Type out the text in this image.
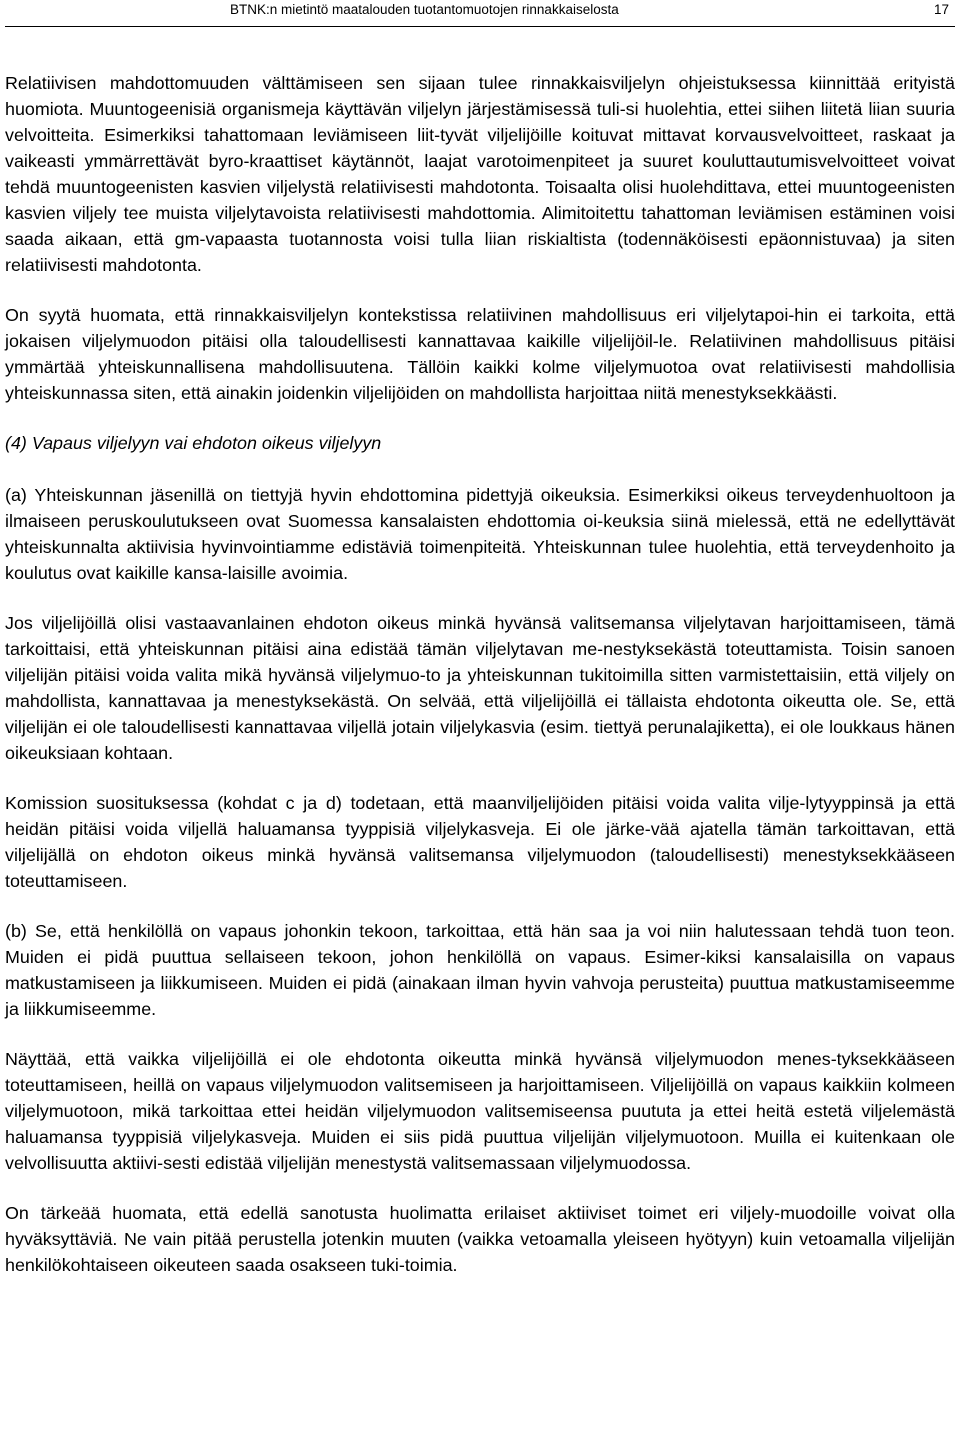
BTNK:n mietintö maatalouden tuotantomuotojen rinnakkaiselosta	17

Relatiivisen mahdottomuuden välttämiseen sen sijaan tulee rinnakkaisviljelyn ohjeistuksessa kiinnittää erityistä huomiota. Muuntogeenisiä organismeja käyttävän viljelyn järjestämisessä tuli-si huolehtia, ettei siihen liitetä liian suuria velvoitteita. Esimerkiksi tahattomaan leviämiseen liit-tyvät viljelijöille koituvat mittavat korvausvelvoitteet, raskaat ja vaikeasti ymmärrettävät byro-kraattiset käytännöt, laajat varotoimenpiteet ja suuret kouluttautumisvelvoitteet voivat tehdä muuntogeenisten kasvien viljelystä relatiivisesti mahdotonta. Toisaalta olisi huolehdittava, ettei muuntogeenisten kasvien viljely tee muista viljelytavoista relatiivisesti mahdottomia. Alimitoitettu tahattoman leviämisen estäminen voisi saada aikaan, että gm-vapaasta tuotannosta voisi tulla liian riskialtista (todennäköisesti epäonnistuvaa) ja siten relatiivisesti mahdotonta.

On syytä huomata, että rinnakkaisviljelyn kontekstissa relatiivinen mahdollisuus eri viljelytapoi-hin ei tarkoita, että jokaisen viljelymuodon pitäisi olla taloudellisesti kannattavaa kaikille viljelijöil-le. Relatiivinen mahdollisuus pitäisi ymmärtää yhteiskunnallisena mahdollisuutena. Tällöin kaikki kolme viljelymuotoa ovat relatiivisesti mahdollisia yhteiskunnassa siten, että ainakin joidenkin viljelijöiden on mahdollista harjoittaa niitä menestyksekkäästi.

(4) Vapaus viljelyyn vai ehdoton oikeus viljelyyn

(a) Yhteiskunnan jäsenillä on tiettyjä hyvin ehdottomina pidettyjä oikeuksia. Esimerkiksi oikeus terveydenhuoltoon ja ilmaiseen peruskoulutukseen ovat Suomessa kansalaisten ehdottomia oi-keuksia siinä mielessä, että ne edellyttävät yhteiskunnalta aktiivisia hyvinvointiamme edistäviä toimenpiteitä. Yhteiskunnan tulee huolehtia, että terveydenhoito ja koulutus ovat kaikille kansa-laisille avoimia.

Jos viljelijöillä olisi vastaavanlainen ehdoton oikeus minkä hyvänsä valitsemansa viljelytavan harjoittamiseen, tämä tarkoittaisi, että yhteiskunnan pitäisi aina edistää tämän viljelytavan me-nestyksekästä toteuttamista. Toisin sanoen viljelijän pitäisi voida valita mikä hyvänsä viljelymuo-to ja yhteiskunnan tukitoimilla sitten varmistettaisiin, että viljely on mahdollista, kannattavaa ja menestyksekästä. On selvää, että viljelijöillä ei tällaista ehdotonta oikeutta ole. Se, että viljelijän ei ole taloudellisesti kannattavaa viljellä jotain viljelykasvia (esim. tiettyä perunalajiketta), ei ole loukkaus hänen oikeuksiaan kohtaan.

Komission suosituksessa (kohdat c ja d) todetaan, että maanviljelijöiden pitäisi voida valita vilje-lytyyppinsä ja että heidän pitäisi voida viljellä haluamansa tyyppisiä viljelykasveja. Ei ole järke-vää ajatella tämän tarkoittavan, että viljelijällä on ehdoton oikeus minkä hyvänsä valitsemansa viljelymuodon (taloudellisesti) menestyksekkääseen toteuttamiseen.

(b) Se, että henkilöllä on vapaus johonkin tekoon, tarkoittaa, että hän saa ja voi niin halutessaan tehdä tuon teon. Muiden ei pidä puuttua sellaiseen tekoon, johon henkilöllä on vapaus. Esimer-kiksi kansalaisilla on vapaus matkustamiseen ja liikkumiseen. Muiden ei pidä (ainakaan ilman hyvin vahvoja perusteita) puuttua matkustamiseemme ja liikkumiseemme.

Näyttää, että vaikka viljelijöillä ei ole ehdotonta oikeutta minkä hyvänsä viljelymuodon menes-tyksekkääseen toteuttamiseen, heillä on vapaus viljelymuodon valitsemiseen ja harjoittamiseen. Viljelijöillä on vapaus kaikkiin kolmeen viljelymuotoon, mikä tarkoittaa ettei heidän viljelymuodon valitsemiseensa puututa ja ettei heitä estetä viljelemästä haluamansa tyyppisiä viljelykasveja. Muiden ei siis pidä puuttua viljelijän viljelymuotoon. Muilla ei kuitenkaan ole velvollisuutta aktiivi-sesti edistää viljelijän menestystä valitsemassaan viljelymuodossa.

On tärkeää huomata, että edellä sanotusta huolimatta erilaiset aktiiviset toimet eri viljely-muodoille voivat olla hyväksyttäviä. Ne vain pitää perustella jotenkin muuten (vaikka vetoamalla yleiseen hyötyyn) kuin vetoamalla viljelijän henkilökohtaiseen oikeuteen saada osakseen tuki-toimia.
